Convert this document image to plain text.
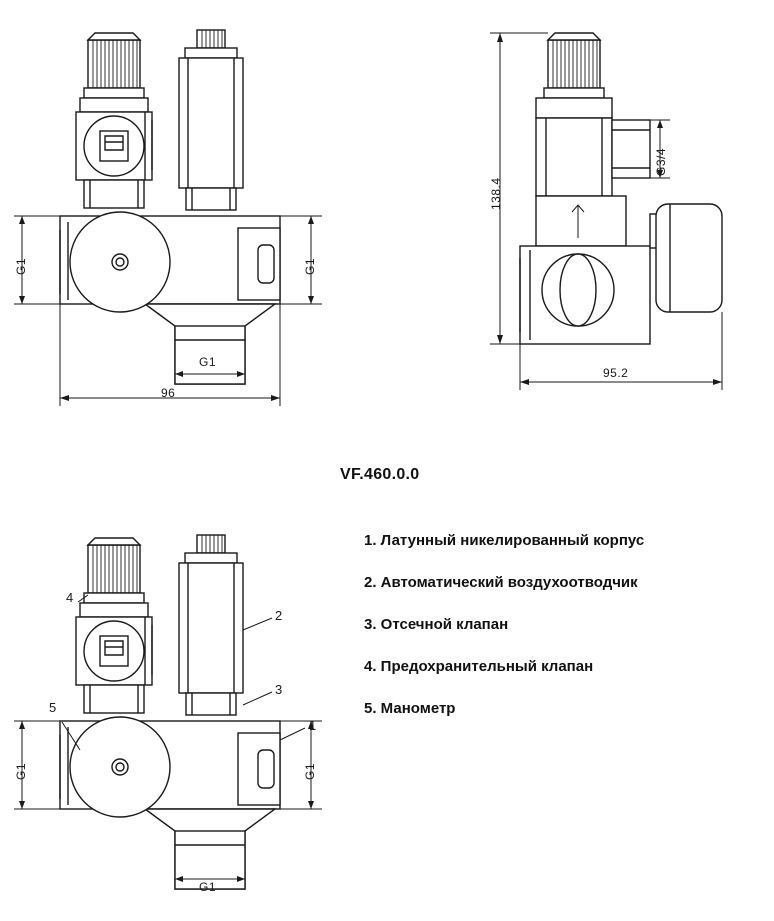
G1	G1
G1
96
138.4
G3/4
95.2
VF.460.0.0
G1	G1
G1
4
2
3
1
5
1. Латунный никелированный корпус
2. Автоматический воздухоотводчик
3. Отсечной клапан
4. Предохранительный клапан
5. Манометр
